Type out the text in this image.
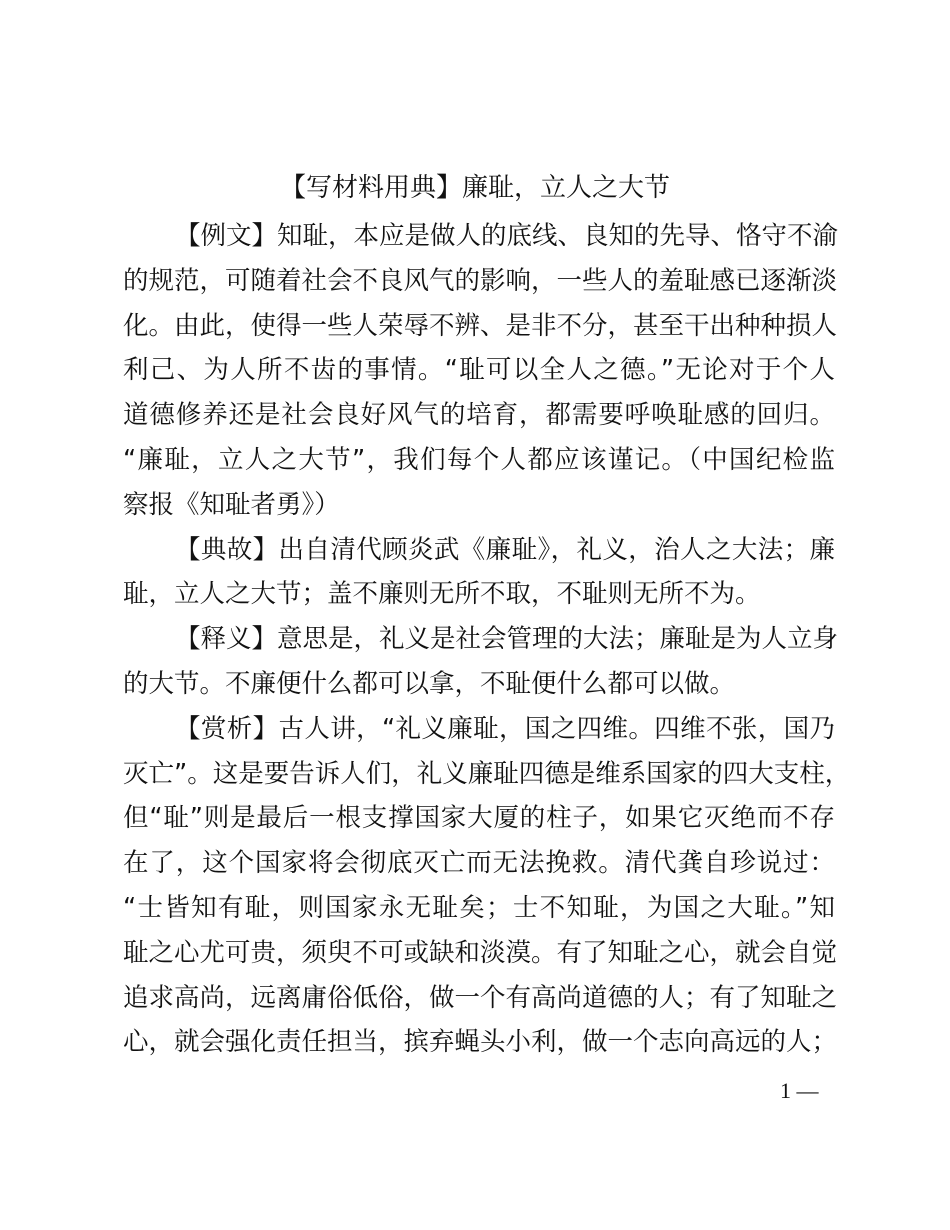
【写材料用典】廉耻，立人之大节
【例文】知耻，本应是做人的底线、良知的先导、恪守不渝
的规范，可随着社会不良风气的影响，一些人的羞耻感已逐渐淡
化。由此，使得一些人荣辱不辨、是非不分，甚至干出种种损人
利己、为人所不齿的事情。“耻可以全人之德。”无论对于个人
道德修养还是社会良好风气的培育，都需要呼唤耻感的回归。
“廉耻，立人之大节”，我们每个人都应该谨记。（中国纪检监
察报《知耻者勇》）
【典故】出自清代顾炎武《廉耻》，礼义，治人之大法；廉
耻，立人之大节；盖不廉则无所不取，不耻则无所不为。
【释义】意思是，礼义是社会管理的大法；廉耻是为人立身
的大节。不廉便什么都可以拿，不耻便什么都可以做。
【赏析】古人讲，“礼义廉耻，国之四维。四维不张，国乃
灭亡”。这是要告诉人们，礼义廉耻四德是维系国家的四大支柱，
但“耻”则是最后一根支撑国家大厦的柱子，如果它灭绝而不存
在了，这个国家将会彻底灭亡而无法挽救。清代龚自珍说过：
“士皆知有耻，则国家永无耻矣；士不知耻，为国之大耻。”知
耻之心尤可贵，须臾不可或缺和淡漠。有了知耻之心，就会自觉
追求高尚，远离庸俗低俗，做一个有高尚道德的人；有了知耻之
心，就会强化责任担当，摈弃蝇头小利，做一个志向高远的人；
1 —
